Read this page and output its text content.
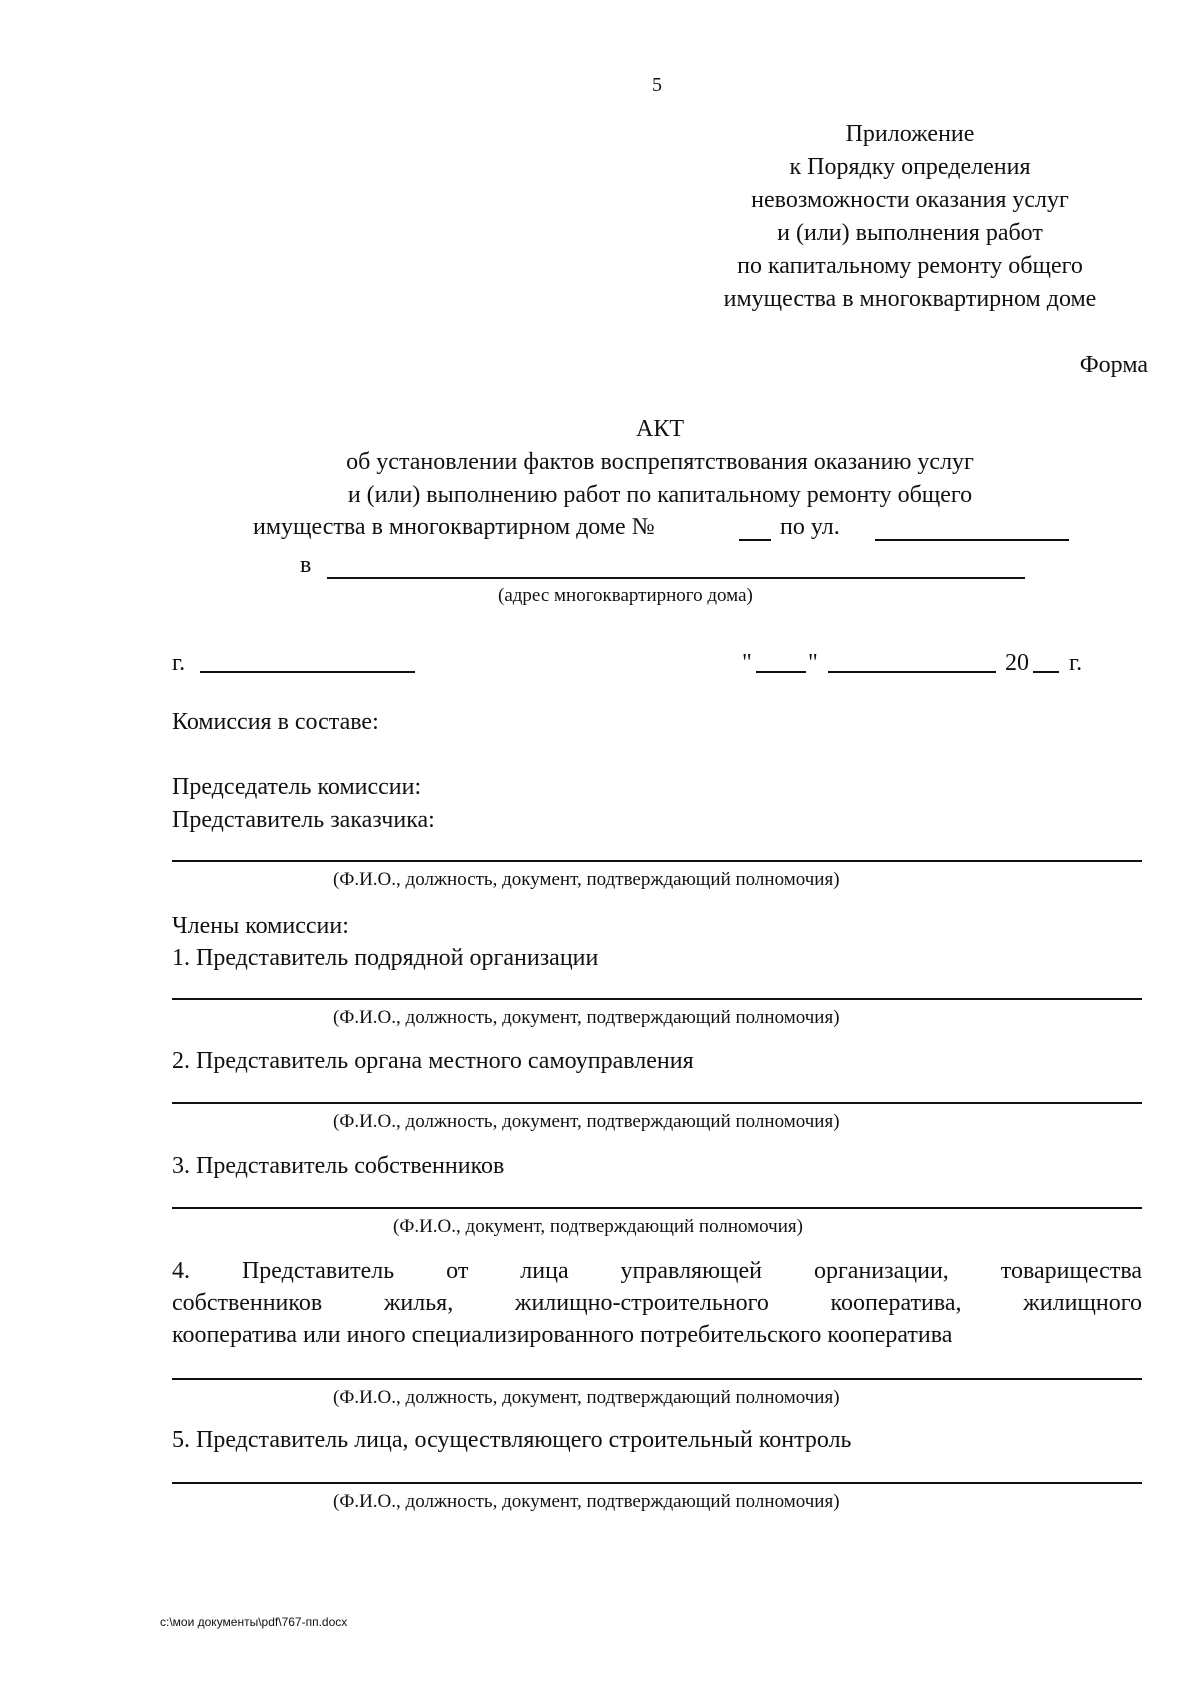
5
Приложение
к Порядку определения
невозможности оказания услуг
и (или) выполнения работ
по капитальному ремонту общего
имущества в многоквартирном доме
Форма
АКТ
об установлении фактов воспрепятствования оказанию услуг
и (или) выполнению работ по капитальному ремонту общего
имущества в многоквартирном доме №	по ул.
в
(адрес многоквартирного дома)
г.	" "	20 г.
Комиссия в составе:
Председатель комиссии:
Представитель заказчика:
(Ф.И.О., должность, документ, подтверждающий полномочия)
Члены комиссии:
1. Представитель подрядной организации
(Ф.И.О., должность, документ, подтверждающий полномочия)
2. Представитель органа местного самоуправления
(Ф.И.О., должность, документ, подтверждающий полномочия)
3. Представитель собственников
(Ф.И.О., документ, подтверждающий полномочия)
4. Представитель от лица управляющей организации, товарищества
собственников жилья, жилищно-строительного кооператива, жилищного
кооператива или иного специализированного потребительского кооператива
(Ф.И.О., должность, документ, подтверждающий полномочия)
5. Представитель лица, осуществляющего строительный контроль
(Ф.И.О., должность, документ, подтверждающий полномочия)
c:\мои документы\pdf\767-пп.docx
